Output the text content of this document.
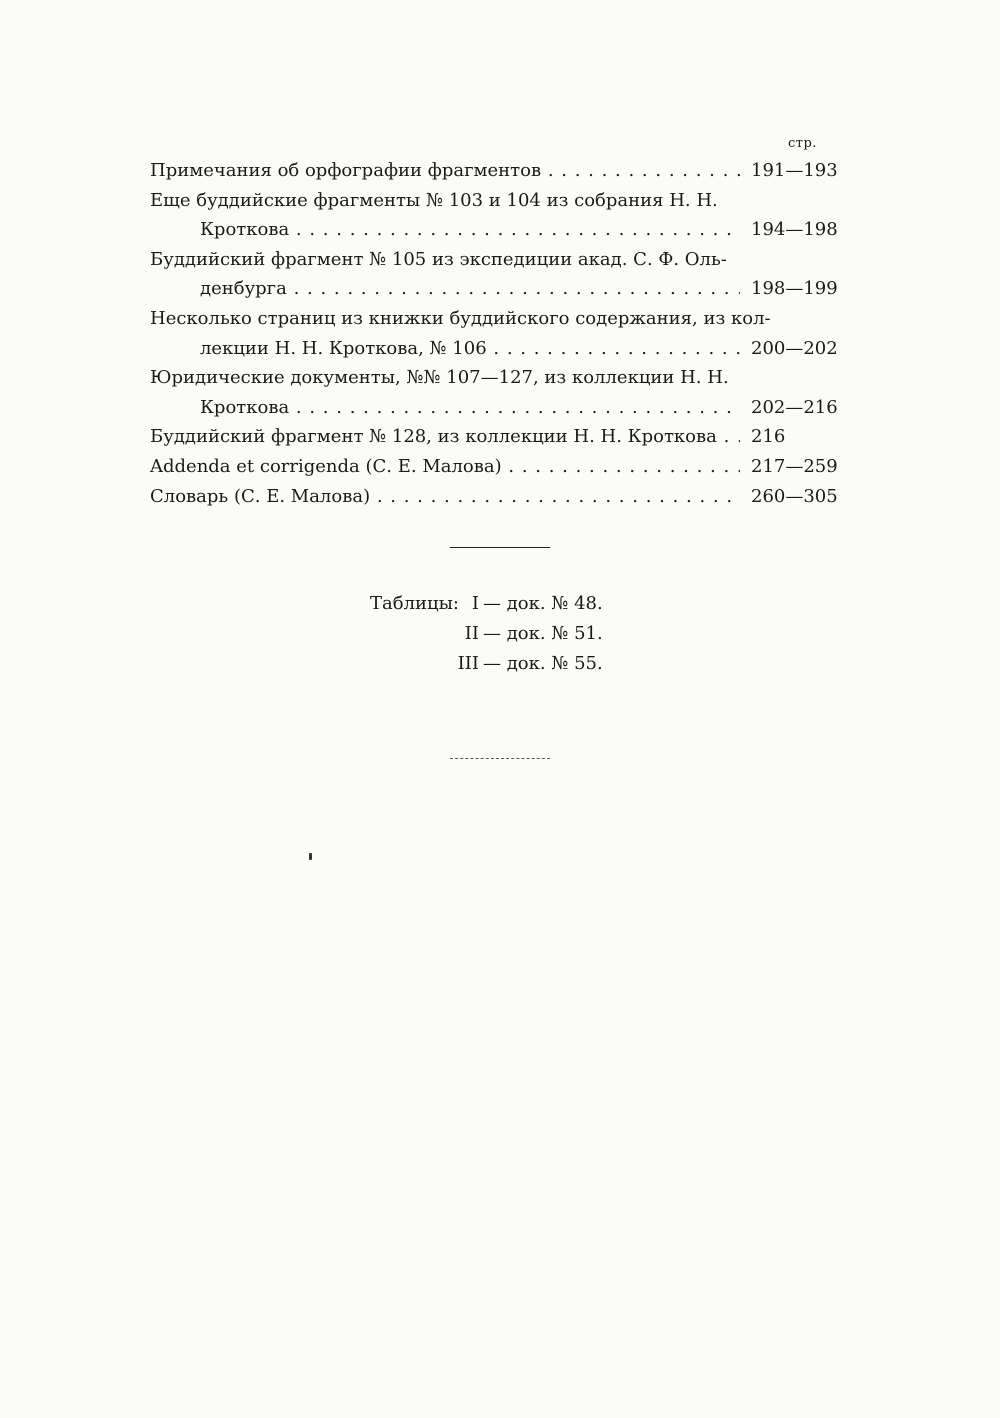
стр.
Примечания об орфографии фрагментов . . .	191—193
Еще буддийские фрагменты № 103 и 104 из собрания Н. Н.
Кроткова . . .	194—198
Буддийский фрагмент № 105 из экспедиции акад. С. Ф. Оль-
денбурга . . .	198—199
Несколько страниц из книжки буддийского содержания, из кол-
лекции Н. Н. Кроткова, № 106 . . .	200—202
Юридические документы, №№ 107—127, из коллекции Н. Н.
Кроткова . . .	202—216
Буддийский фрагмент № 128, из коллекции Н. Н. Кроткова . . .	216
Addenda et corrigenda (С. Е. Малова) . . .	217—259
Словарь (С. Е. Малова) . . .	260—305
Таблицы: I — док. № 48.
II — док. № 51.
III — док. № 55.
